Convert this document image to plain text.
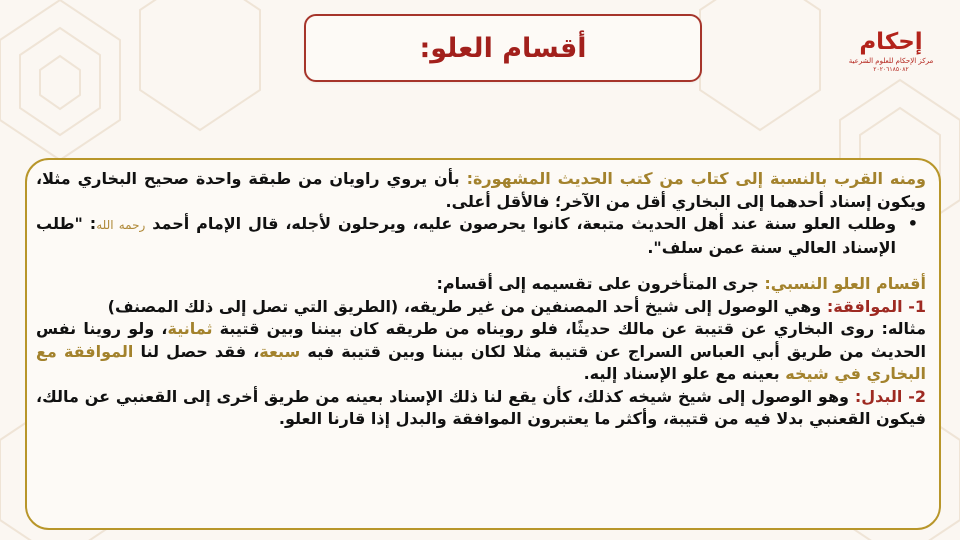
أقسام العلو:	إحكام
مركز الإحكام للعلوم الشرعية
٢٠٢٠٦١٨٥٠٨٢

ومنه القرب بالنسبة إلى كتاب من كتب الحديث المشهورة: بأن يروي راويان من طبقة واحدة صحيح البخاري مثلا، ويكون إسناد أحدهما إلى البخاري أقل من الآخر؛ فالأقل أعلى.

•
وطلب العلو سنة عند أهل الحديث متبعة، كانوا يحرصون عليه، ويرحلون لأجله، قال الإمام أحمد رحمه الله: "طلب الإسناد العالي سنة عمن سلف".

أقسام العلو النسبي: جرى المتأخرون على تقسيمه إلى أقسام:

1- الموافقة: وهي الوصول إلى شيخ أحد المصنفين من غير طريقه، (الطريق التي تصل إلى ذلك المصنف)

مثاله: روى البخاري عن قتيبة عن مالك حديثًا، فلو رويناه من طريقه كان بيننا وبين قتيبة ثمانية، ولو روينا نفس الحديث من طريق أبي العباس السراج عن قتيبة مثلا لكان بيننا وبين قتيبة فيه سبعة، فقد حصل لنا الموافقة مع البخاري في شيخه بعينه مع علو الإسناد إليه.

2- البدل: وهو الوصول إلى شيخ شيخه كذلك، كأن يقع لنا ذلك الإسناد بعينه من طريق أخرى إلى القعنبي عن مالك، فيكون القعنبي بدلا فيه من قتيبة، وأكثر ما يعتبرون الموافقة والبدل إذا قارنا العلو.
